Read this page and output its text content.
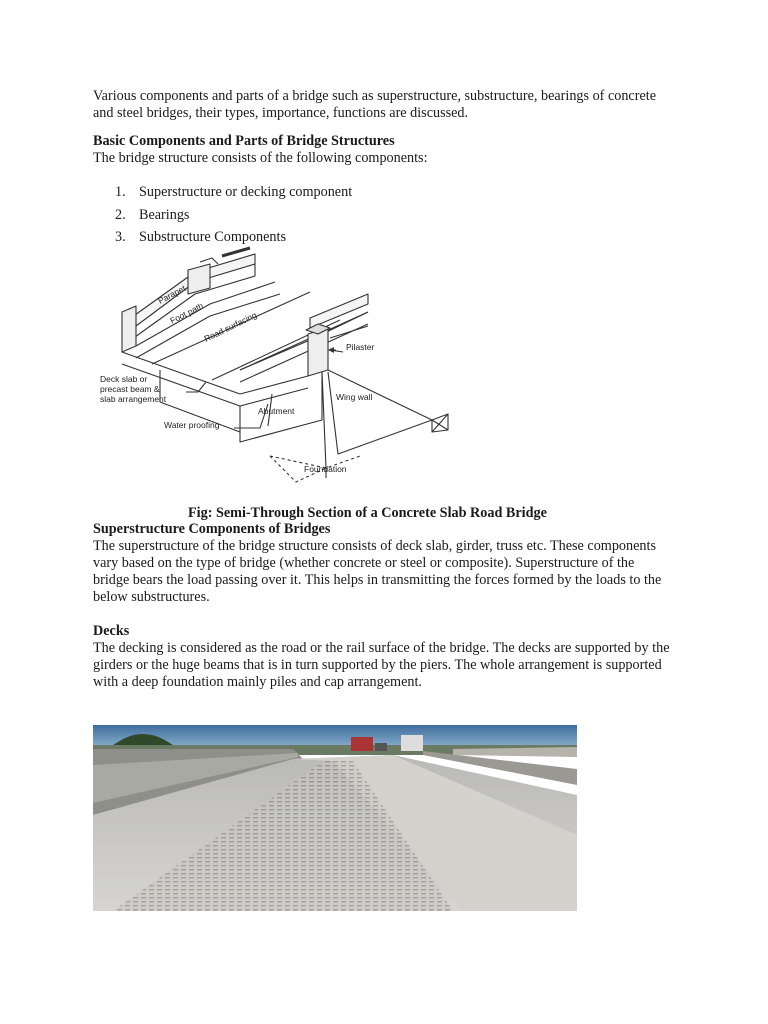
Various components and parts of a bridge such as superstructure, substructure, bearings of concrete and steel bridges, their types, importance, functions are discussed.

Basic Components and Parts of Bridge Structures

The bridge structure consists of the following components:

1. Superstructure or decking component
2. Bearings
3. Substructure Components
Parapet
Foot path
Road surfacing
Pilaster
Deck slab or
precast beam &
slab arrangement
Abutment
Wing wall
Water proofing
Foundation

Fig: Semi-Through Section of a Concrete Slab Road Bridge

Superstructure Components of Bridges

The superstructure of the bridge structure consists of deck slab, girder, truss etc. These components vary based on the type of bridge (whether concrete or steel or composite). Superstructure of the bridge bears the load passing over it. This helps in transmitting the forces formed by the loads to the below substructures.

Decks

The decking is considered as the road or the rail surface of the bridge. The decks are supported by the girders or the huge beams that is in turn supported by the piers. The whole arrangement is supported with a deep foundation mainly piles and cap arrangement.
